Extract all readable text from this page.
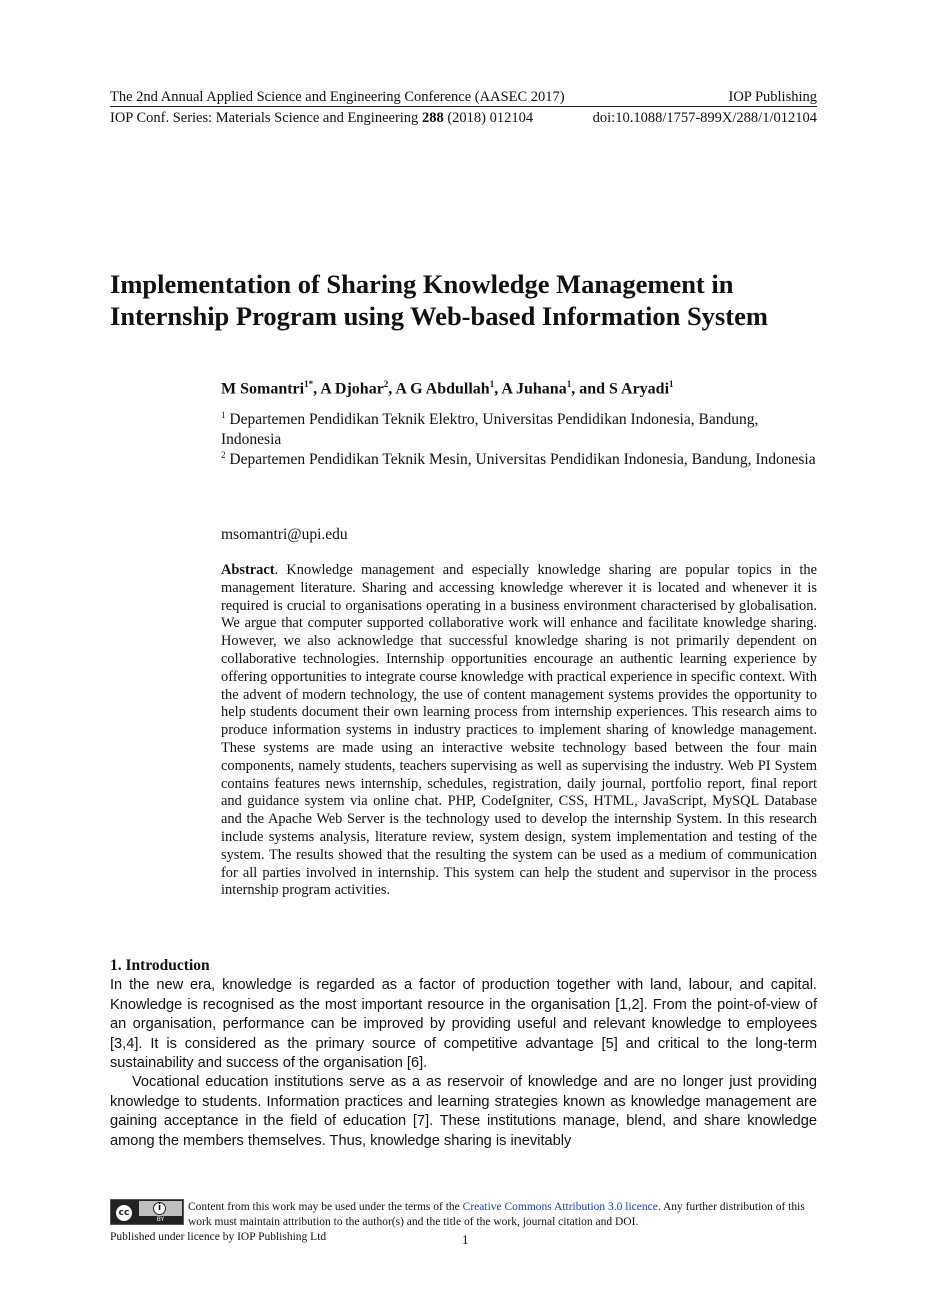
The 2nd Annual Applied Science and Engineering Conference (AASEC 2017)	IOP Publishing
IOP Conf. Series: Materials Science and Engineering 288 (2018) 012104	doi:10.1088/1757-899X/288/1/012104
Implementation of Sharing Knowledge Management in
Internship Program using Web-based Information System
M Somantri$^{1*}$, A Djohar$^2$, A G Abdullah$^1$, A Juhana$^1$, and S Aryadi$^1$
$^1$ Departemen Pendidikan Teknik Elektro, Universitas Pendidikan Indonesia, Bandung, Indonesia
$^2$ Departemen Pendidikan Teknik Mesin, Universitas Pendidikan Indonesia, Bandung, Indonesia
msomantri@upi.edu
Abstract. Knowledge management and especially knowledge sharing are popular topics in the management literature. Sharing and accessing knowledge wherever it is located and whenever it is required is crucial to organisations operating in a business environment characterised by globalisation. We argue that computer supported collaborative work will enhance and facilitate knowledge sharing. However, we also acknowledge that successful knowledge sharing is not primarily dependent on collaborative technologies. Internship opportunities encourage an authentic learning experience by offering opportunities to integrate course knowledge with practical experience in specific context. With the advent of modern technology, the use of content management systems provides the opportunity to help students document their own learning process from internship experiences. This research aims to produce information systems in industry practices to implement sharing of knowledge management. These systems are made using an interactive website technology based between the four main components, namely students, teachers supervising as well as supervising the industry. Web PI System contains features news internship, schedules, registration, daily journal, portfolio report, final report and guidance system via online chat. PHP, CodeIgniter, CSS, HTML, JavaScript, MySQL Database and the Apache Web Server is the technology used to develop the internship System. In this research include systems analysis, literature review, system design, system implementation and testing of the system. The results showed that the resulting the system can be used as a medium of communication for all parties involved in internship. This system can help the student and supervisor in the process internship program activities.
1. Introduction
In the new era, knowledge is regarded as a factor of production together with land, labour, and capital. Knowledge is recognised as the most important resource in the organisation [1,2]. From the point-of-view of an organisation, performance can be improved by providing useful and relevant knowledge to employees [3,4]. It is considered as the primary source of competitive advantage [5] and critical to the long-term sustainability and success of the organisation [6].
Vocational education institutions serve as a as reservoir of knowledge and are no longer just providing knowledge to students. Information practices and learning strategies known as knowledge management are gaining acceptance in the field of education [7]. These institutions manage, blend, and share knowledge among the members themselves. Thus, knowledge sharing is inevitably
cc	i
BY
Content from this work may be used under the terms of the Creative Commons Attribution 3.0 licence. Any further distribution of this work must maintain attribution to the author(s) and the title of the work, journal citation and DOI.
Published under licence by IOP Publishing Ltd	1
